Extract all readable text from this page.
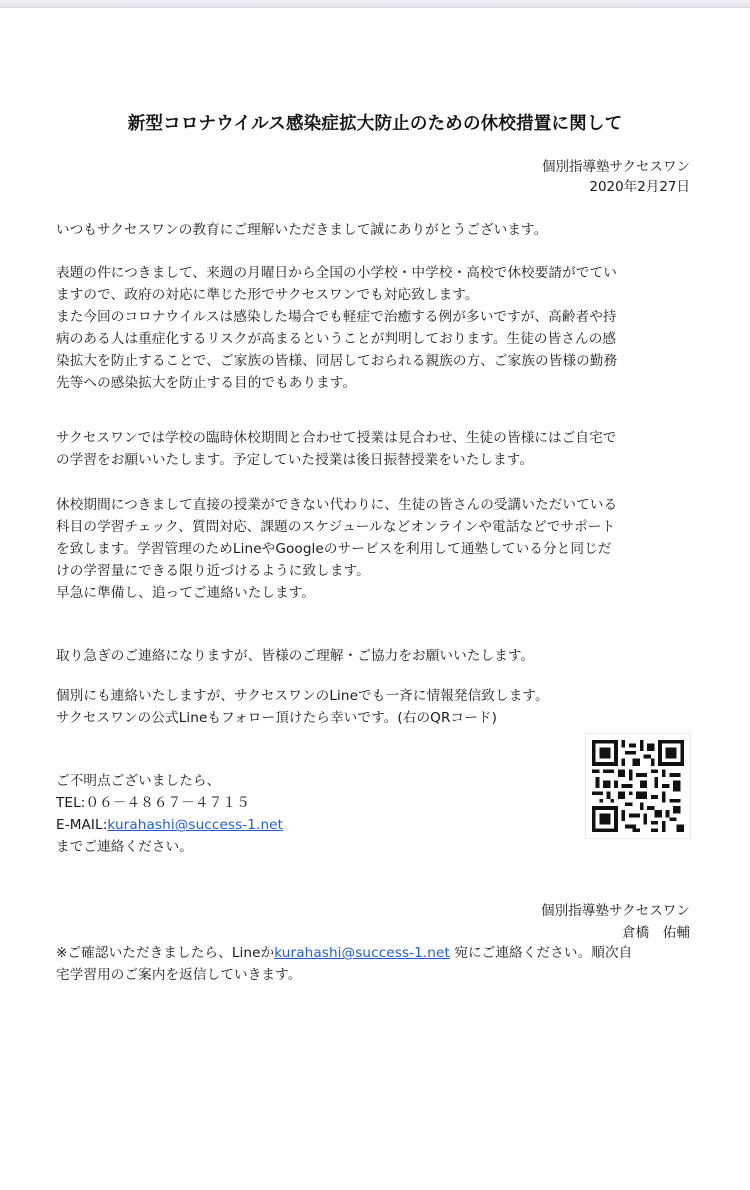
新型コロナウイルス感染症拡大防止のための休校措置に関して
個別指導塾サクセスワン
2020年2月27日
いつもサクセスワンの教育にご理解いただきまして誠にありがとうございます。
表題の件につきまして、来週の月曜日から全国の小学校・中学校・高校で休校要請がでてい
ますので、政府の対応に準じた形でサクセスワンでも対応致します。
また今回のコロナウイルスは感染した場合でも軽症で治癒する例が多いですが、高齢者や持
病のある人は重症化するリスクが高まるということが判明しております。生徒の皆さんの感
染拡大を防止することで、ご家族の皆様、同居しておられる親族の方、ご家族の皆様の勤務
先等への感染拡大を防止する目的でもあります。
サクセスワンでは学校の臨時休校期間と合わせて授業は見合わせ、生徒の皆様にはご自宅で
の学習をお願いいたします。予定していた授業は後日振替授業をいたします。
休校期間につきまして直接の授業ができない代わりに、生徒の皆さんの受講いただいている
科目の学習チェック、質問対応、課題のスケジュールなどオンラインや電話などでサポート
を致します。学習管理のためLineやGoogleのサービスを利用して通塾している分と同じだ
けの学習量にできる限り近づけるように致します。
早急に準備し、追ってご連絡いたします。
取り急ぎのご連絡になりますが、皆様のご理解・ご協力をお願いいたします。
個別にも連絡いたしますが、サクセスワンのLineでも一斉に情報発信致します。
サクセスワンの公式Lineもフォロー頂けたら幸いです。(右のQRコード)
ご不明点ございましたら、
TEL:０６－４８６７－４７１５
E-MAIL:kurahashi@success-1.net
までご連絡ください。
個別指導塾サクセスワン
倉橋　佑輔
※ご確認いただきましたら、Lineかkurahashi@success-1.net 宛にご連絡ください。順次自
宅学習用のご案内を返信していきます。
